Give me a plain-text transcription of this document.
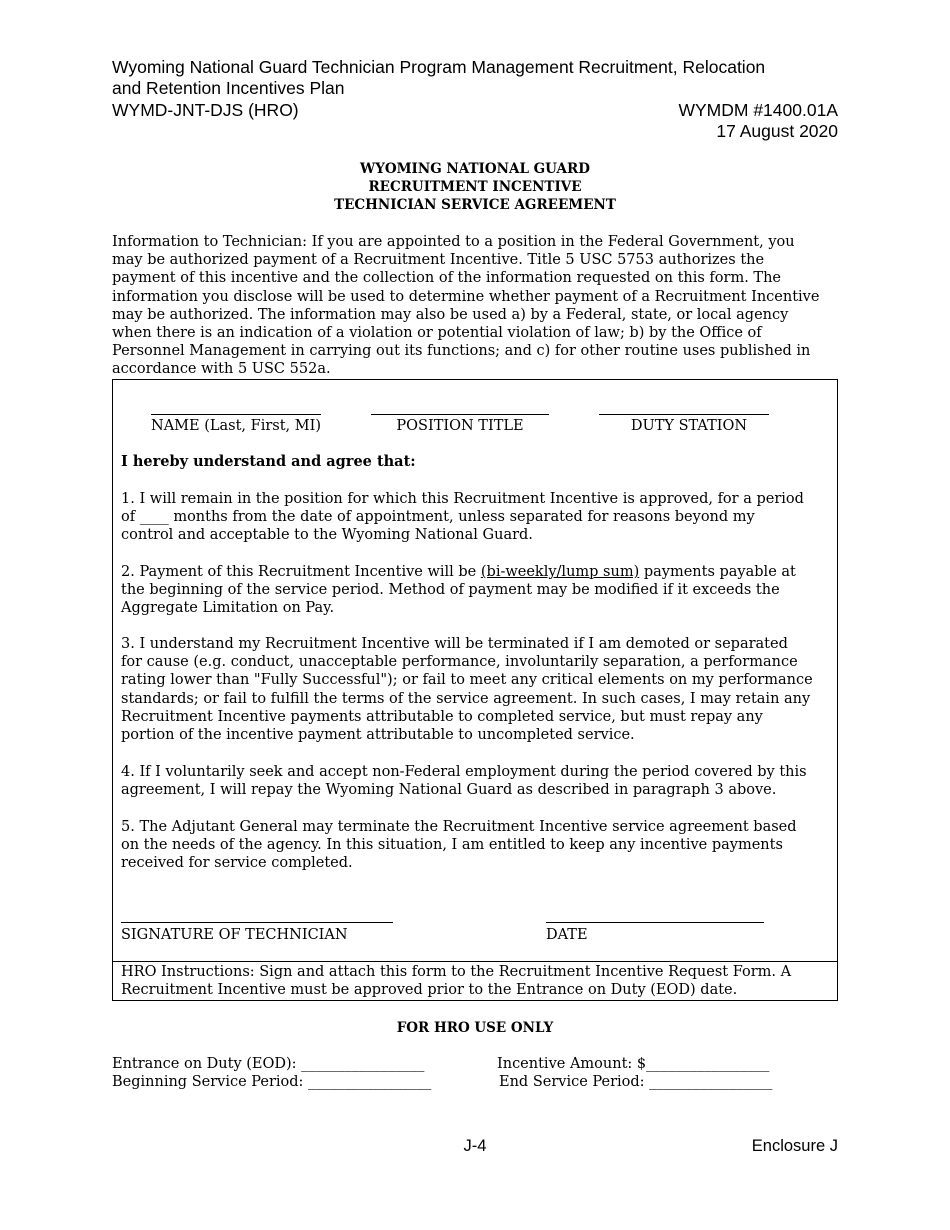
Wyoming National Guard Technician Program Management Recruitment, Relocation
and Retention Incentives Plan
WYMD-JNT-DJS (HRO)	WYMDM #1400.01A
17 August 2020
WYOMING NATIONAL GUARD
RECRUITMENT INCENTIVE
TECHNICIAN SERVICE AGREEMENT
Information to Technician: If you are appointed to a position in the Federal Government, you
may be authorized payment of a Recruitment Incentive. Title 5 USC 5753 authorizes the
payment of this incentive and the collection of the information requested on this form. The
information you disclose will be used to determine whether payment of a Recruitment Incentive
may be authorized. The information may also be used a) by a Federal, state, or local agency
when there is an indication of a violation or potential violation of law; b) by the Office of
Personnel Management in carrying out its functions; and c) for other routine uses published in
accordance with 5 USC 552a.
NAME (Last, First, MI)	POSITION TITLE	DUTY STATION
I hereby understand and agree that:
1. I will remain in the position for which this Recruitment Incentive is approved, for a period
of ____ months from the date of appointment, unless separated for reasons beyond my
control and acceptable to the Wyoming National Guard.
2. Payment of this Recruitment Incentive will be (bi-weekly/lump sum) payments payable at
the beginning of the service period. Method of payment may be modified if it exceeds the
Aggregate Limitation on Pay.
3. I understand my Recruitment Incentive will be terminated if I am demoted or separated
for cause (e.g. conduct, unacceptable performance, involuntarily separation, a performance
rating lower than "Fully Successful"); or fail to meet any critical elements on my performance
standards; or fail to fulfill the terms of the service agreement. In such cases, I may retain any
Recruitment Incentive payments attributable to completed service, but must repay any
portion of the incentive payment attributable to uncompleted service.
4. If I voluntarily seek and accept non-Federal employment during the period covered by this
agreement, I will repay the Wyoming National Guard as described in paragraph 3 above.
5. The Adjutant General may terminate the Recruitment Incentive service agreement based
on the needs of the agency. In this situation, I am entitled to keep any incentive payments
received for service completed.
SIGNATURE OF TECHNICIAN	DATE
HRO Instructions: Sign and attach this form to the Recruitment Incentive Request Form. A
Recruitment Incentive must be approved prior to the Entrance on Duty (EOD) date.
FOR HRO USE ONLY
Entrance on Duty (EOD): _________________	Incentive Amount: $_________________
Beginning Service Period: _________________	End Service Period: _________________
J-4	Enclosure J
